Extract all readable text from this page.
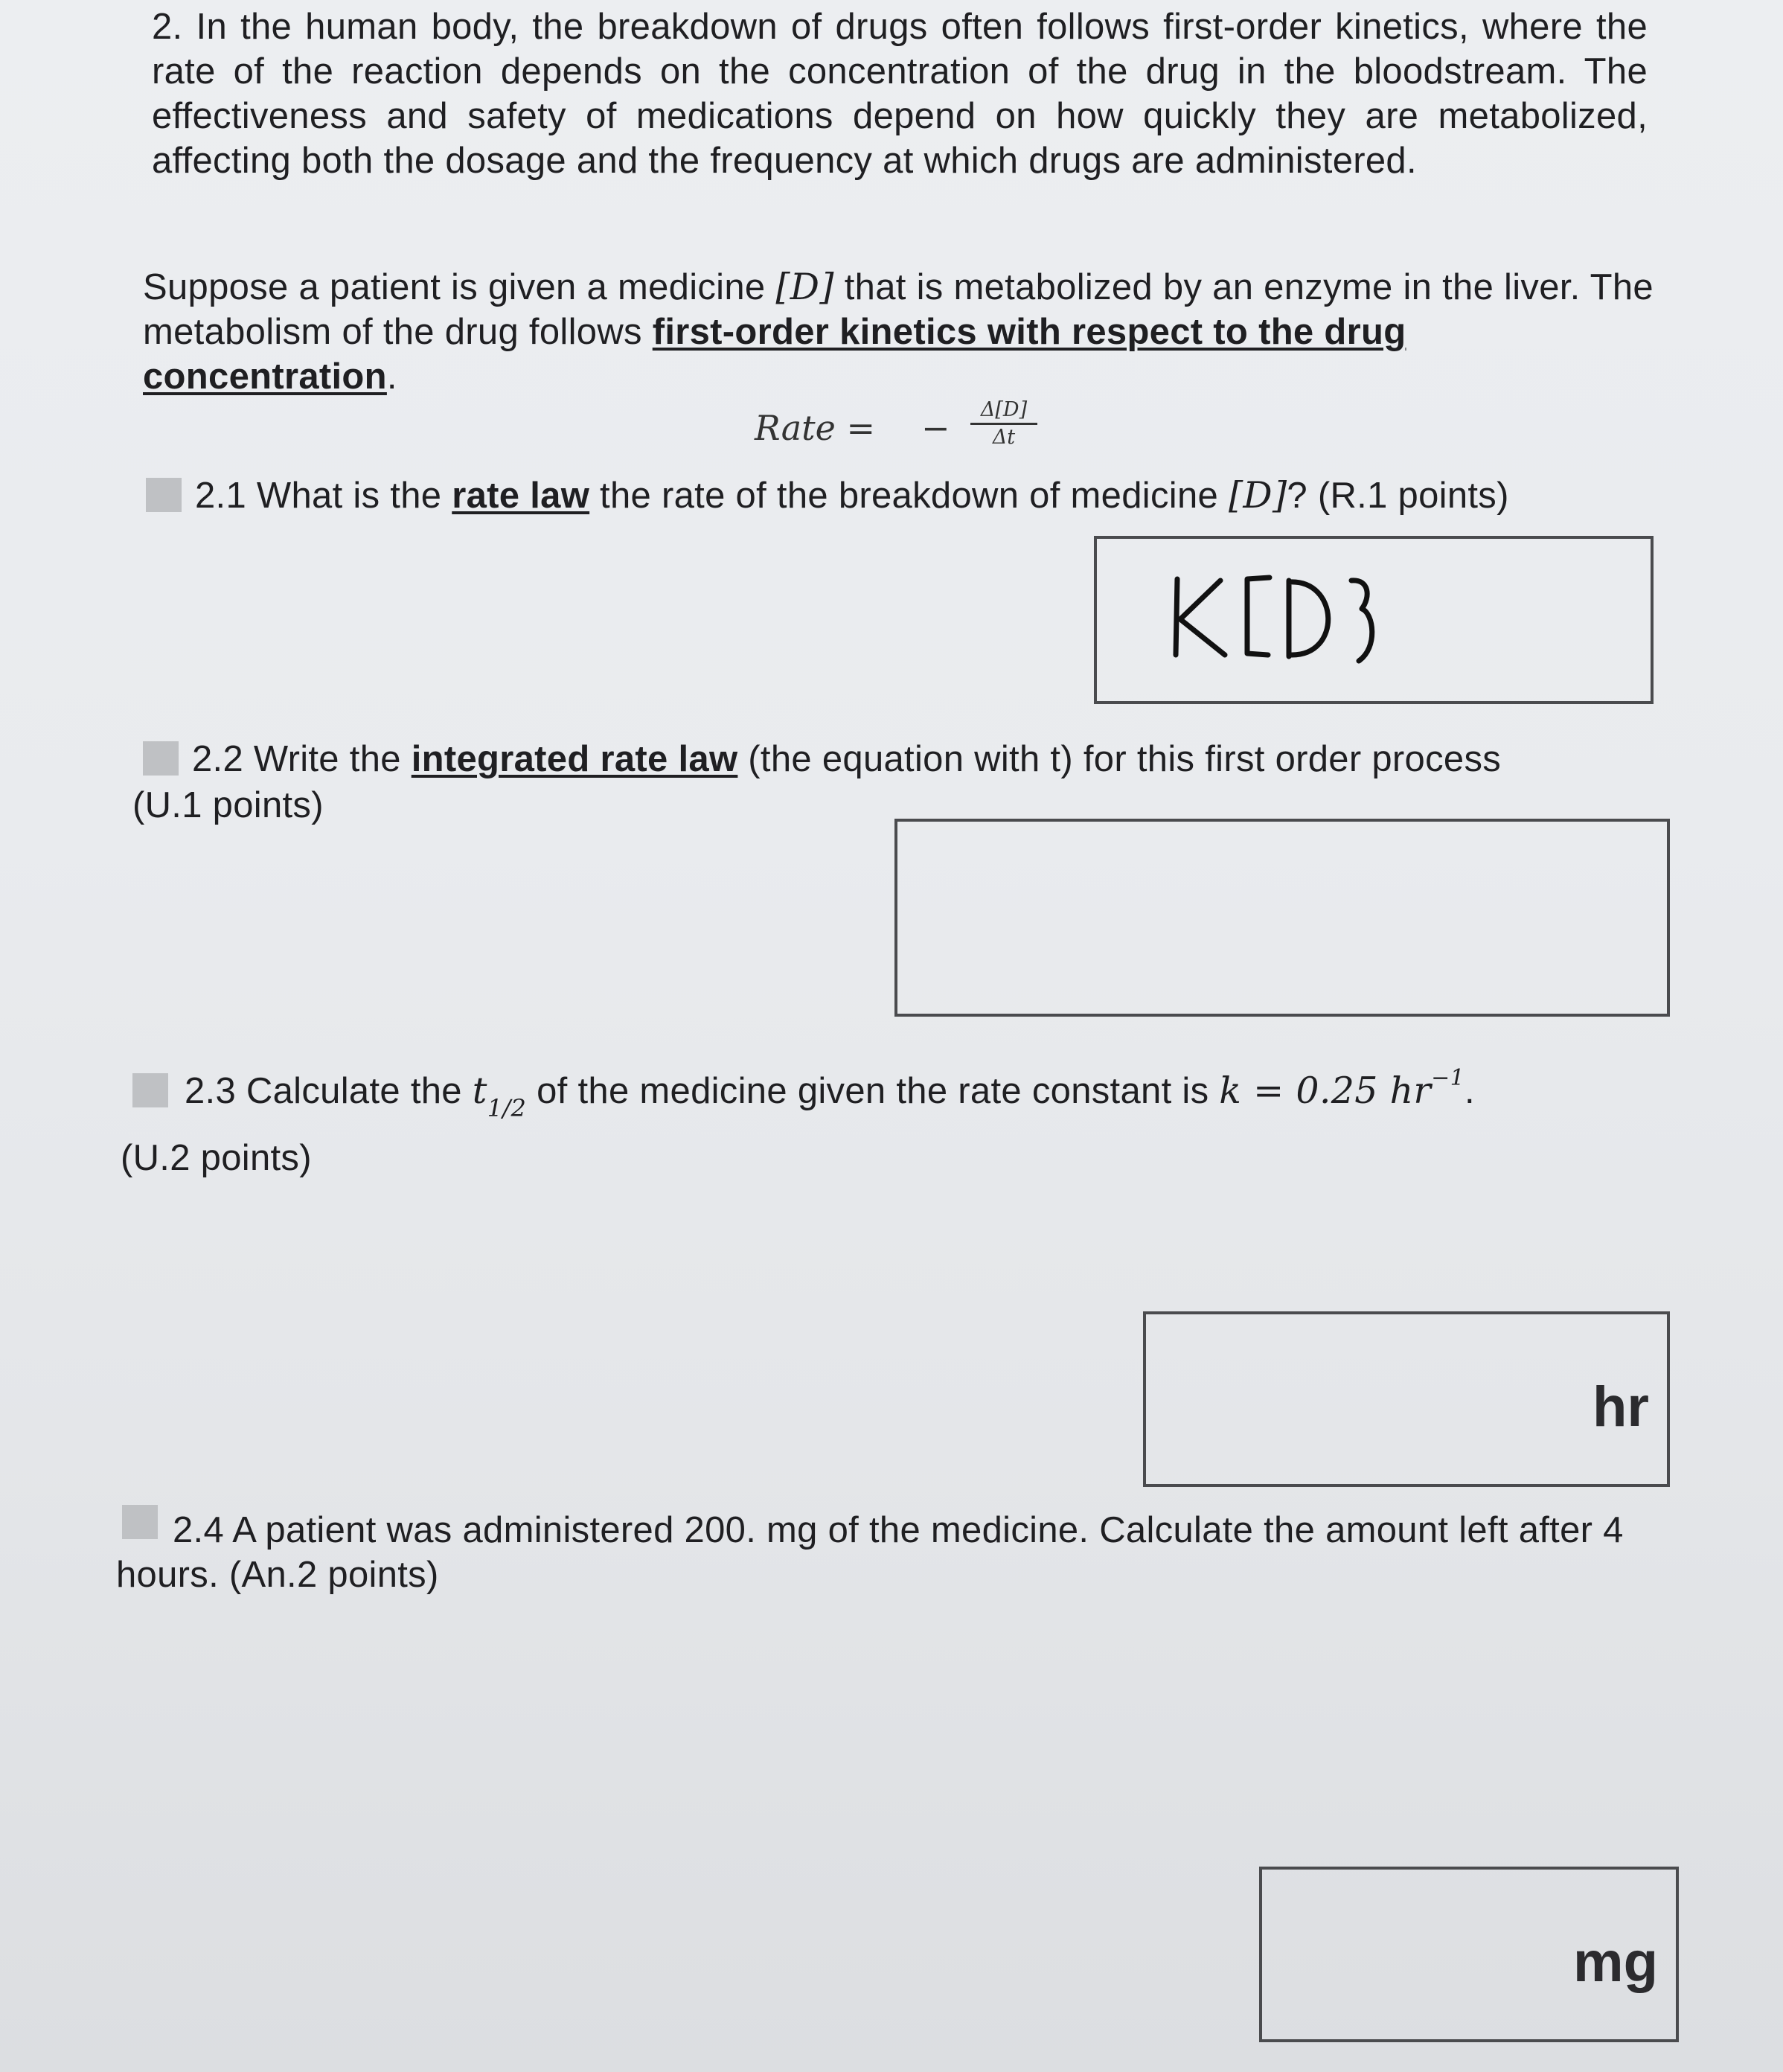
2. In the human body, the breakdown of drugs often follows first-order kinetics, where the rate of the reaction depends on the concentration of the drug in the bloodstream. The effectiveness and safety of medications depend on how quickly they are metabolized, affecting both the dosage and the frequency at which drugs are administered.
Suppose a patient is given a medicine [D] that is metabolized by an enzyme in the liver. The metabolism of the drug follows first-order kinetics with respect to the drug concentration.
Rate = − $\frac{\Delta[D]}{\Delta t}$
2.1 What is the rate law the rate of the breakdown of medicine [D]? (R.1 points)
2.2 Write the integrated rate law (the equation with t) for this first order process
(U.1 points)
2.3 Calculate the $t_{1/2}$ of the medicine given the rate constant is k = 0.25 $hr^{-1}$.
(U.2 points)
hr
2.4 A patient was administered 200. mg of the medicine. Calculate the amount left after 4 hours. (An.2 points)
mg
